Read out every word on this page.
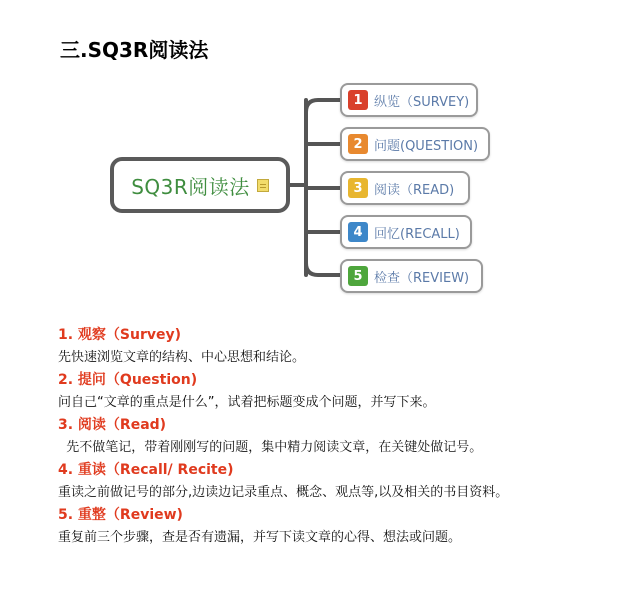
三.SQ3R阅读法
SQ3R阅读法
1 纵览（SURVEY)
2 问题(QUESTION)
3 阅读（READ)
4 回忆(RECALL)
5 检查（REVIEW)
1. 观察（Survey)
先快速浏览文章的结构、中心思想和结论。
2. 提问（Question)
问自己“文章的重点是什么”，试着把标题变成个问题，并写下来。
3. 阅读（Read)
先不做笔记，带着刚刚写的问题，集中精力阅读文章，在关键处做记号。
4. 重读（Recall/ Recite)
重读之前做记号的部分,边读边记录重点、概念、观点等,以及相关的书目资料。
5. 重整（Review)
重复前三个步骤，查是否有遗漏，并写下读文章的心得、想法或问题。
